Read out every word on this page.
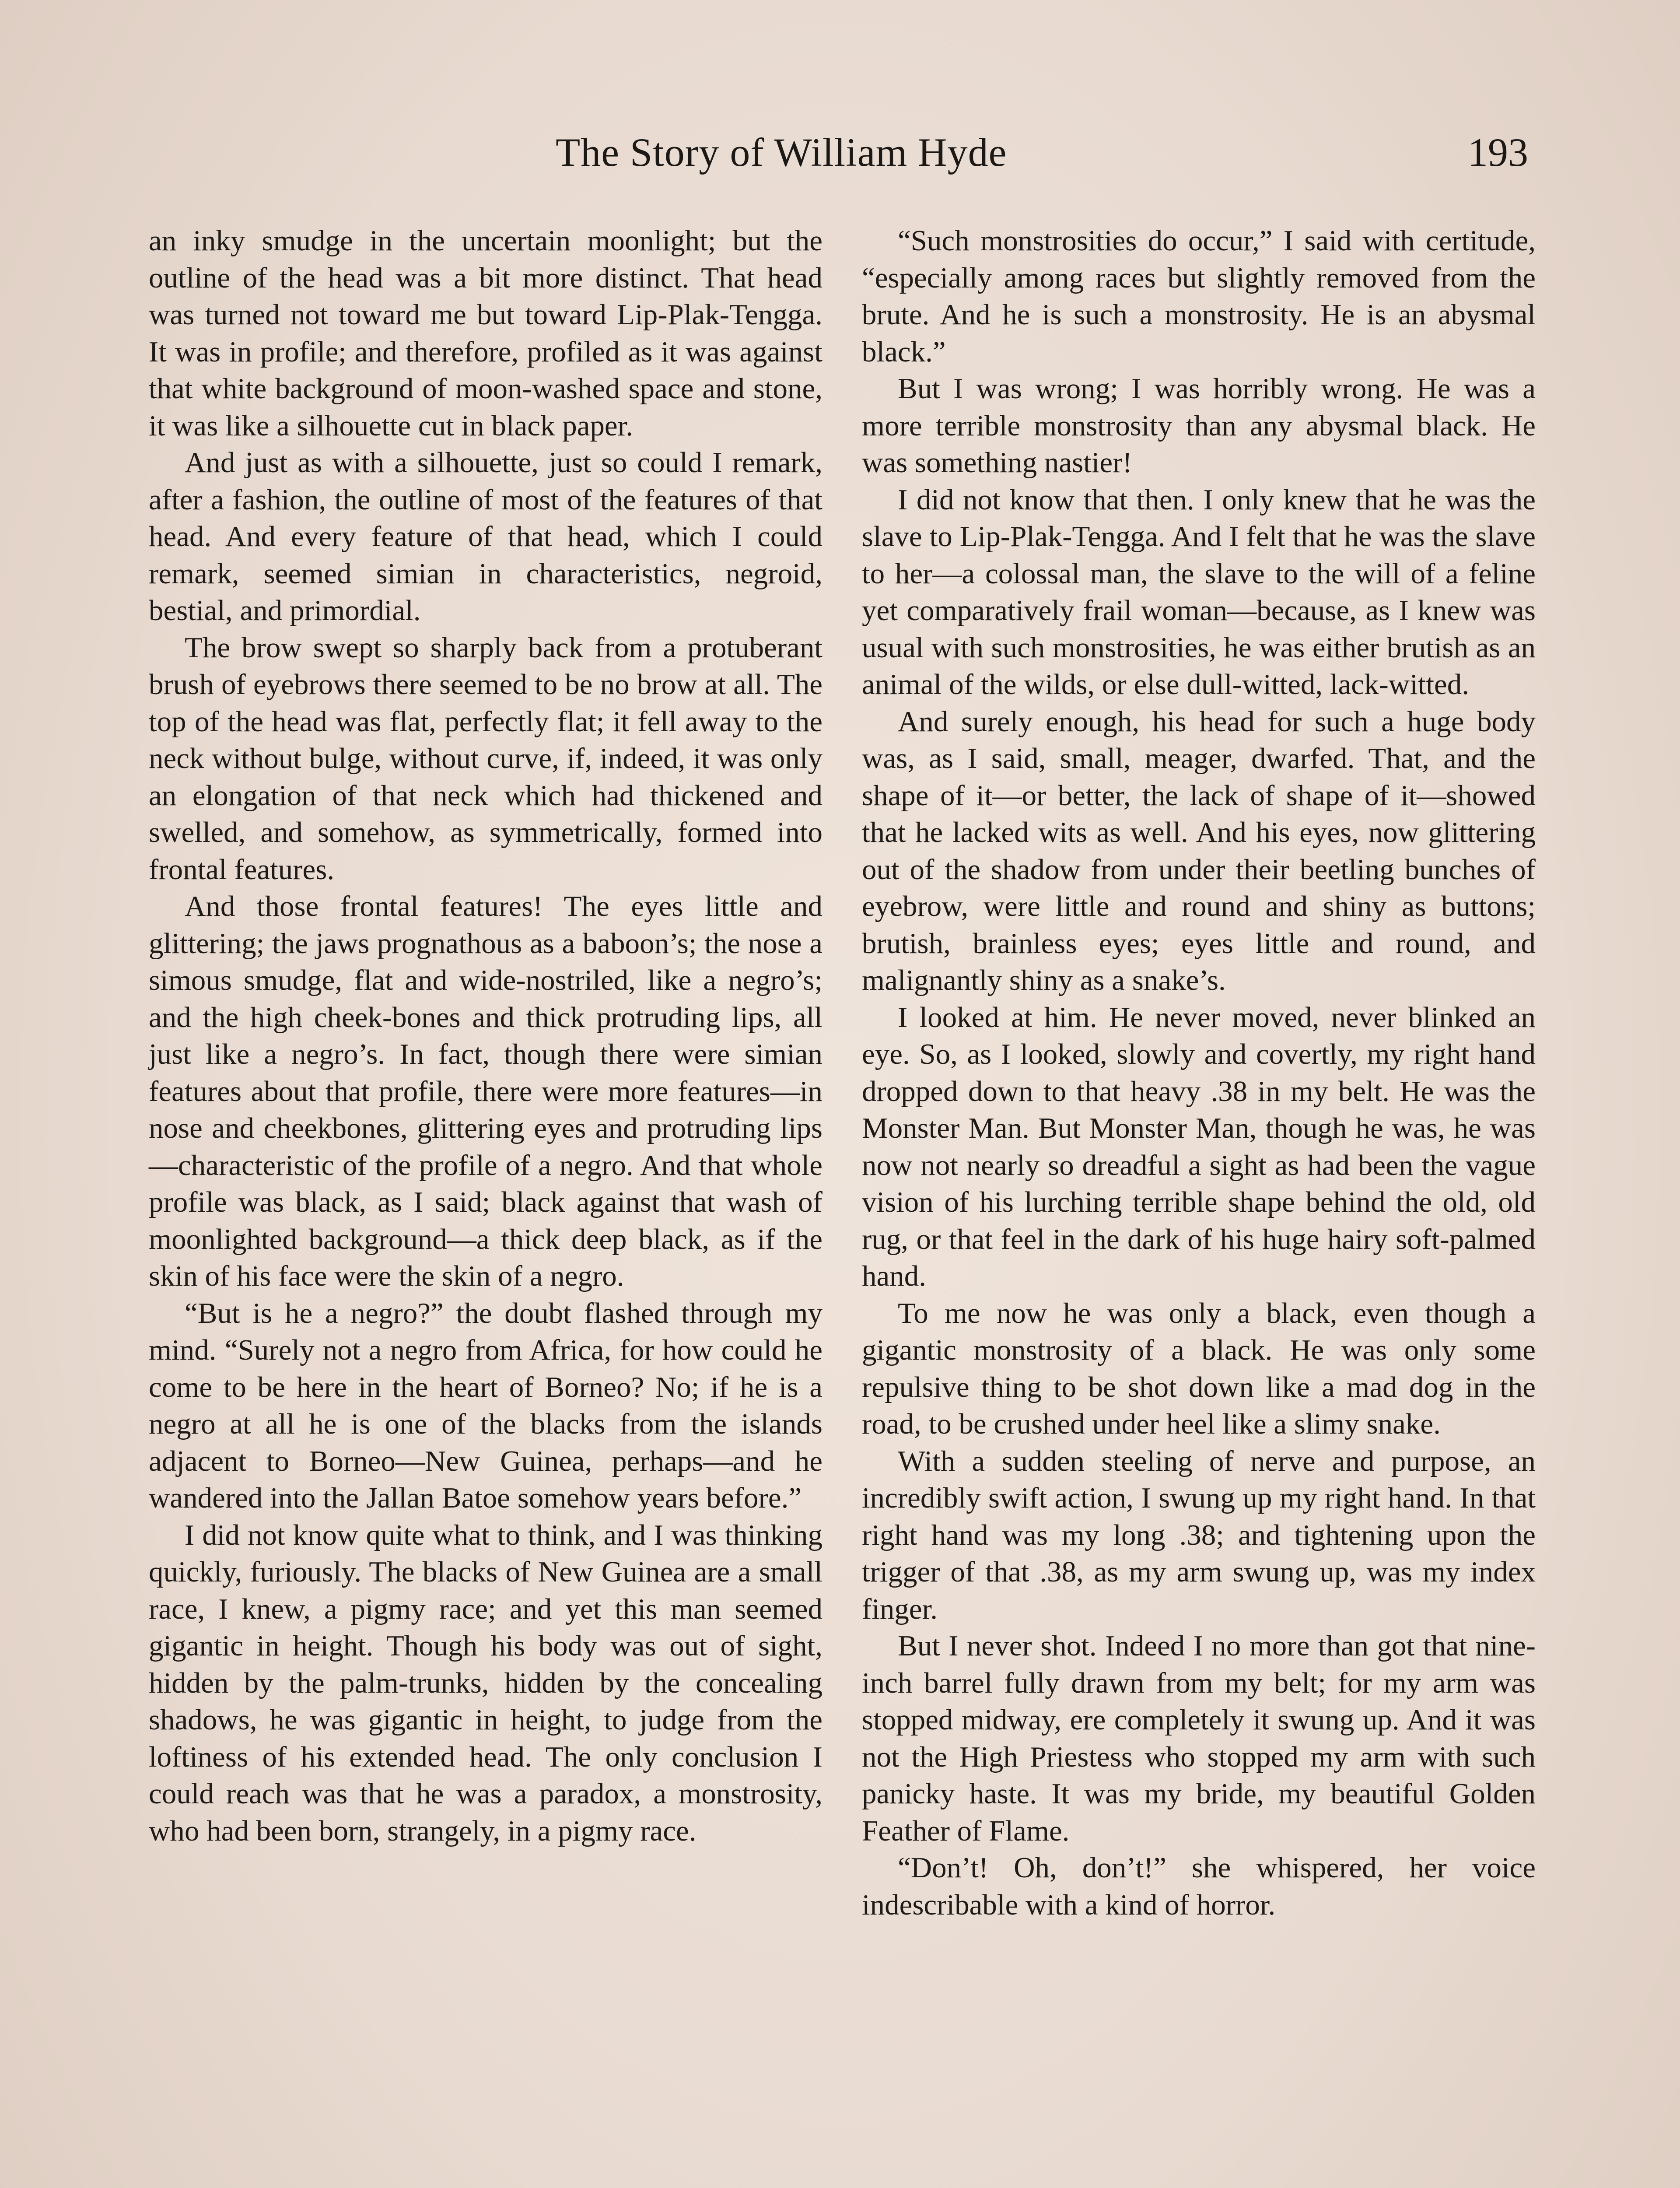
The Story of William Hyde	193

an inky smudge in the uncertain moonlight; but the outline of the head was a bit more distinct. That head was turned not toward me but toward Lip-Plak-Tengga. It was in profile; and therefore, profiled as it was against that white background of moon-washed space and stone, it was like a silhouette cut in black paper.

And just as with a silhouette, just so could I remark, after a fashion, the outline of most of the features of that head. And every feature of that head, which I could remark, seemed simian in characteristics, negroid, bestial, and primordial.

The brow swept so sharply back from a protuberant brush of eyebrows there seemed to be no brow at all. The top of the head was flat, perfectly flat; it fell away to the neck without bulge, without curve, if, indeed, it was only an elongation of that neck which had thickened and swelled, and somehow, as symmetrically, formed into frontal features.

And those frontal features! The eyes little and glittering; the jaws prognathous as a baboon’s; the nose a simous smudge, flat and wide-nostriled, like a negro’s; and the high cheek-bones and thick protruding lips, all just like a negro’s. In fact, though there were simian features about that profile, there were more features—in nose and cheekbones, glittering eyes and protruding lips—characteristic of the profile of a negro. And that whole profile was black, as I said; black against that wash of moonlighted background—a thick deep black, as if the skin of his face were the skin of a negro.

“But is he a negro?” the doubt flashed through my mind. “Surely not a negro from Africa, for how could he come to be here in the heart of Borneo? No; if he is a negro at all he is one of the blacks from the islands adjacent to Borneo—New Guinea, perhaps—and he wandered into the Jallan Batoe somehow years before.”

I did not know quite what to think, and I was thinking quickly, furiously. The blacks of New Guinea are a small race, I knew, a pigmy race; and yet this man seemed gigantic in height. Though his body was out of sight, hidden by the palm-trunks, hidden by the concealing shadows, he was gigantic in height, to judge from the loftiness of his extended head. The only conclusion I could reach was that he was a paradox, a monstrosity, who had been born, strangely, in a pigmy race.

“Such monstrosities do occur,” I said with certitude, “especially among races but slightly removed from the brute. And he is such a monstrosity. He is an abysmal black.”

But I was wrong; I was horribly wrong. He was a more terrible monstrosity than any abysmal black. He was something nastier!

I did not know that then. I only knew that he was the slave to Lip-Plak-Tengga. And I felt that he was the slave to her—a colossal man, the slave to the will of a feline yet comparatively frail woman—because, as I knew was usual with such monstrosities, he was either brutish as an animal of the wilds, or else dull-witted, lack-witted.

And surely enough, his head for such a huge body was, as I said, small, meager, dwarfed. That, and the shape of it—or better, the lack of shape of it—showed that he lacked wits as well. And his eyes, now glittering out of the shadow from under their beetling bunches of eyebrow, were little and round and shiny as buttons; brutish, brainless eyes; eyes little and round, and malignantly shiny as a snake’s.

I looked at him. He never moved, never blinked an eye. So, as I looked, slowly and covertly, my right hand dropped down to that heavy .38 in my belt. He was the Monster Man. But Monster Man, though he was, he was now not nearly so dreadful a sight as had been the vague vision of his lurching terrible shape behind the old, old rug, or that feel in the dark of his huge hairy soft-palmed hand.

To me now he was only a black, even though a gigantic monstrosity of a black. He was only some repulsive thing to be shot down like a mad dog in the road, to be crushed under heel like a slimy snake.

With a sudden steeling of nerve and purpose, an incredibly swift action, I swung up my right hand. In that right hand was my long .38; and tightening upon the trigger of that .38, as my arm swung up, was my index finger.

But I never shot. Indeed I no more than got that nine-inch barrel fully drawn from my belt; for my arm was stopped midway, ere completely it swung up. And it was not the High Priestess who stopped my arm with such panicky haste. It was my bride, my beautiful Golden Feather of Flame.

“Don’t! Oh, don’t!” she whispered, her voice indescribable with a kind of horror.
